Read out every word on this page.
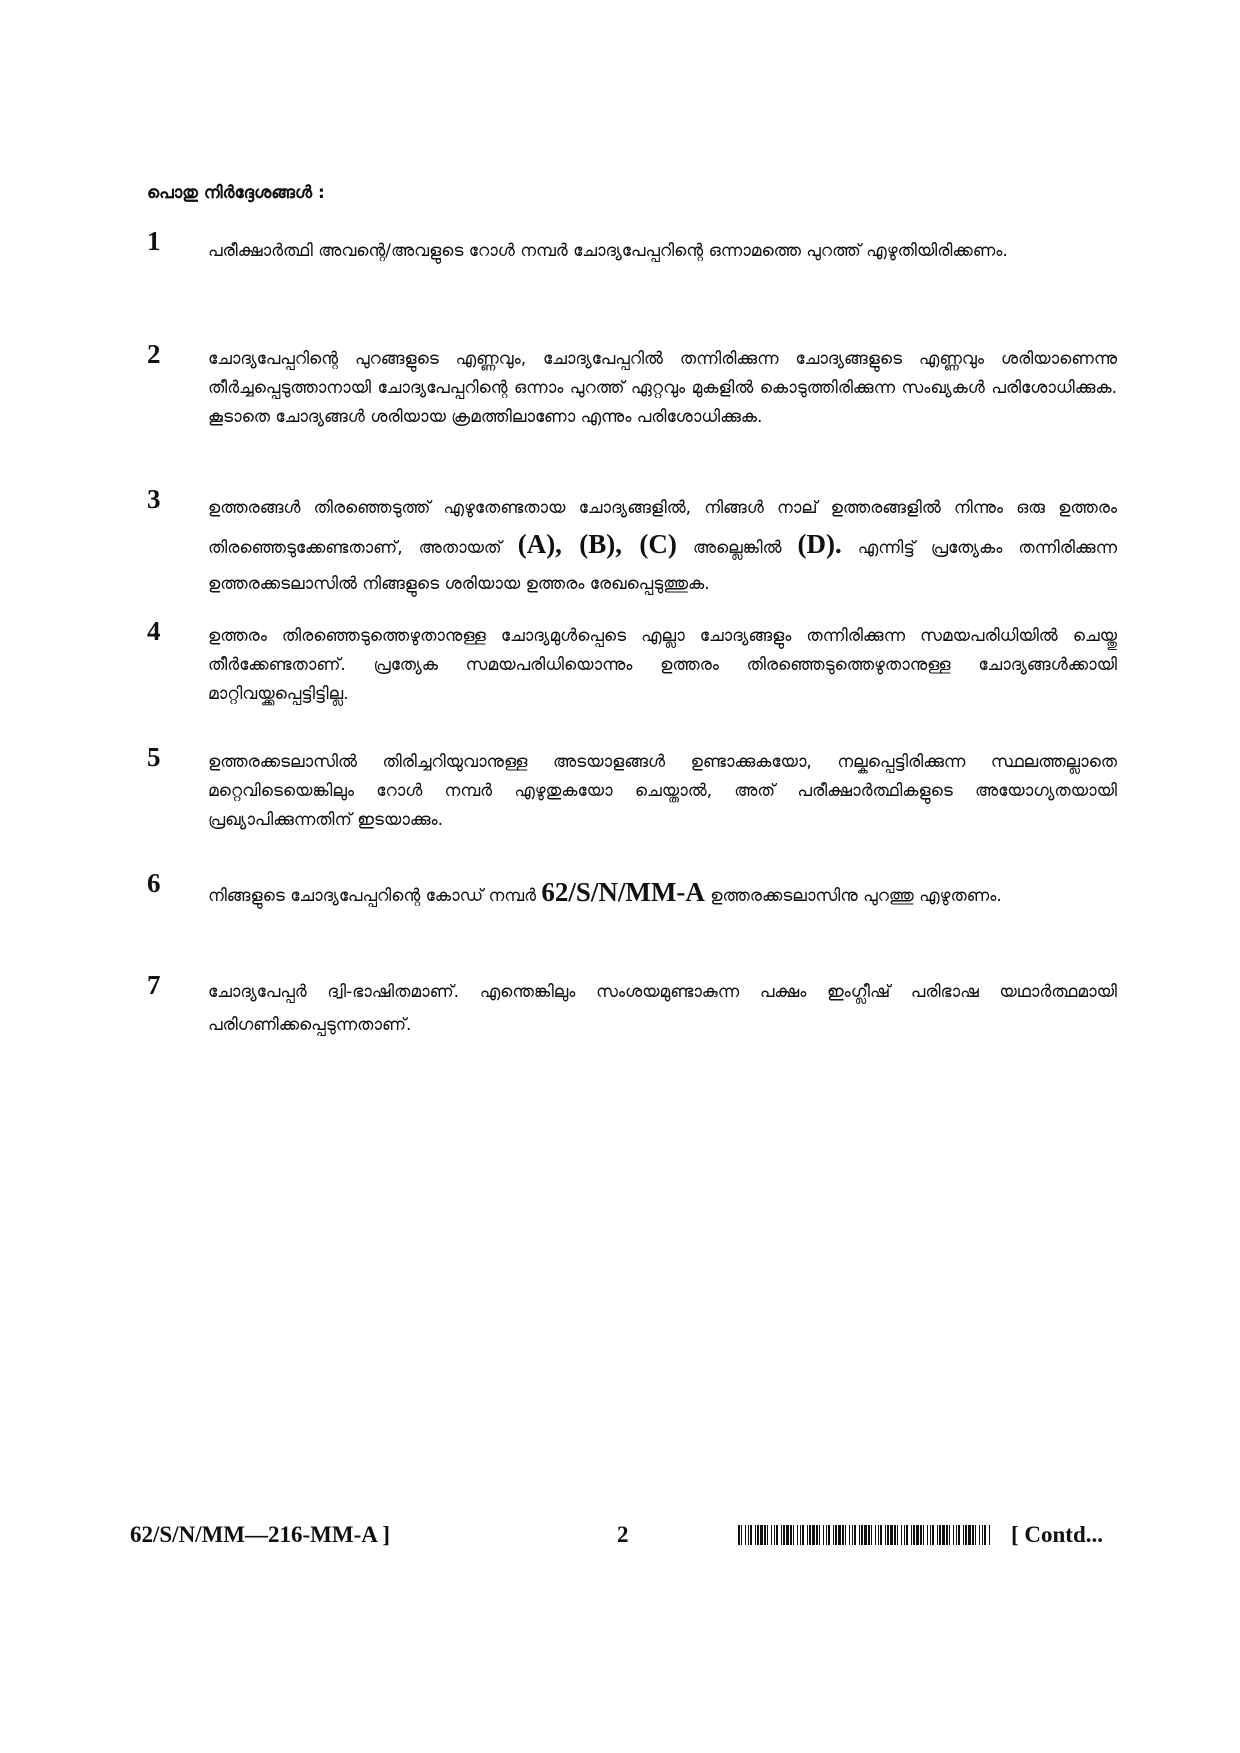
പൊതു നിർദ്ദേശങ്ങൾ :
1	പരീക്ഷാർത്ഥി അവന്റെ/അവളുടെ റോൾ നമ്പർ ചോദ്യപേപ്പറിന്റെ ഒന്നാമത്തെ പുറത്ത് എഴുതിയിരിക്കണം.
2	ചോദ്യപേപ്പറിന്റെ പുറങ്ങളുടെ എണ്ണവും, ചോദ്യപേപ്പറിൽ തന്നിരിക്കുന്ന ചോദ്യങ്ങളുടെ എണ്ണവും ശരിയാണെന്നു തീർച്ചപ്പെടുത്താനായി ചോദ്യപേപ്പറിന്റെ ഒന്നാം പുറത്ത് ഏറ്റവും മുകളിൽ കൊടുത്തിരിക്കുന്ന സംഖ്യകൾ പരിശോധിക്കുക. കൂടാതെ ചോദ്യങ്ങൾ ശരിയായ ക്രമത്തിലാണോ എന്നും പരിശോധിക്കുക.
3	ഉത്തരങ്ങൾ തിരഞ്ഞെടുത്ത് എഴുതേണ്ടതായ ചോദ്യങ്ങളിൽ, നിങ്ങൾ നാല് ഉത്തരങ്ങളിൽ നിന്നും ഒരു ഉത്തരം തിരഞ്ഞെടുക്കേണ്ടതാണ്, അതായത് (A), (B), (C) അല്ലെങ്കിൽ (D). എന്നിട്ട് പ്രത്യേകം തന്നിരിക്കുന്ന ഉത്തരക്കടലാസിൽ നിങ്ങളുടെ ശരിയായ ഉത്തരം രേഖപ്പെടുത്തുക.
4	ഉത്തരം തിരഞ്ഞെടുത്തെഴുതാനുള്ള ചോദ്യമുൾപ്പെടെ എല്ലാ ചോദ്യങ്ങളും തന്നിരിക്കുന്ന സമയപരിധിയിൽ ചെയ്തു തീർക്കേണ്ടതാണ്. പ്രത്യേക സമയപരിധിയൊന്നും ഉത്തരം തിരഞ്ഞെടുത്തെഴുതാനുള്ള ചോദ്യങ്ങൾക്കായി മാറ്റിവയ്ക്കപ്പെട്ടിട്ടില്ല.
5	ഉത്തരക്കടലാസിൽ തിരിച്ചറിയുവാനുള്ള അടയാളങ്ങൾ ഉണ്ടാക്കുകയോ, നല്കപ്പെട്ടിരിക്കുന്ന സ്ഥലത്തല്ലാതെ മറ്റെവിടെയെങ്കിലും റോൾ നമ്പർ എഴുതുകയോ ചെയ്താൽ, അത് പരീക്ഷാർത്ഥികളുടെ അയോഗ്യതയായി പ്രഖ്യാപിക്കുന്നതിന് ഇടയാക്കും.
6	നിങ്ങളുടെ ചോദ്യപേപ്പറിന്റെ കോഡ് നമ്പർ 62/S/N/MM-A ഉത്തരക്കടലാസിനു പുറത്തു എഴുതണം.
7	ചോദ്യപേപ്പർ ദ്വി-ഭാഷിതമാണ്. എന്തെങ്കിലും സംശയമുണ്ടാകുന്ന പക്ഷം ഇംഗ്ലീഷ് പരിഭാഷ യഥാർത്ഥമായി പരിഗണിക്കപ്പെടുന്നതാണ്.
62/S/N/MM—216-MM-A ]	2	[ Contd...
